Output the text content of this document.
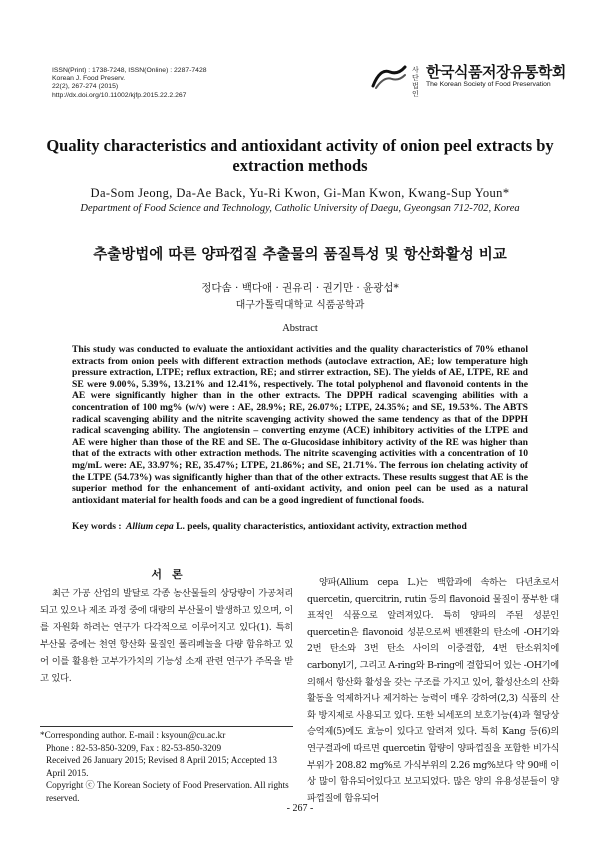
ISSN(Print) : 1738-7248, ISSN(Online) : 2287-7428
Korean J. Food Preserv.
22(2), 267-274 (2015)
http://dx.doi.org/10.11002/kjfp.2015.22.2.267
사단 법인
한국식품저장유통학회
The Korean Society of Food Preservation
Quality characteristics and antioxidant activity of onion peel extracts by extraction methods
Da-Som Jeong, Da-Ae Back, Yu-Ri Kwon, Gi-Man Kwon, Kwang-Sup Youn*
Department of Food Science and Technology, Catholic University of Daegu, Gyeongsan 712-702, Korea
추출방법에 따른 양파껍질 추출물의 품질특성 및 항산화활성 비교
정다솜 · 백다애 · 권유리 · 권기만 · 윤광섭*
대구가톨릭대학교 식품공학과
Abstract
This study was conducted to evaluate the antioxidant activities and the quality characteristics of 70% ethanol extracts from onion peels with different extraction methods (autoclave extraction, AE; low temperature high pressure extraction, LTPE; reflux extraction, RE; and stirrer extraction, SE). The yields of AE, LTPE, RE and SE were 9.00%, 5.39%, 13.21% and 12.41%, respectively. The total polyphenol and flavonoid contents in the AE were significantly higher than in the other extracts. The DPPH radical scavenging abilities with a concentration of 100 mg% (w/v) were : AE, 28.9%; RE, 26.07%; LTPE, 24.35%; and SE, 19.53%. The ABTS radical scavenging ability and the nitrite scavenging activity showed the same tendency as that of the DPPH radical scavenging ability. The angiotensin – converting enzyme (ACE) inhibitory activities of the LTPE and AE were higher than those of the RE and SE. The α-Glucosidase inhibitory activity of the RE was higher than that of the extracts with other extraction methods. The nitrite scavenging activities with a concentration of 10 mg/mL were: AE, 33.97%; RE, 35.47%; LTPE, 21.86%; and SE, 21.71%. The ferrous ion chelating activity of the LTPE (54.73%) was significantly higher than that of the other extracts. These results suggest that AE is the superior method for the enhancement of anti-oxidant activity, and onion peel can be used as a natural antioxidant material for health foods and can be a good ingredient of functional foods.
Key words : Allium cepa L. peels, quality characteristics, antioxidant activity, extraction method
서론

최근 가공 산업의 발달로 각종 농산물들의 상당량이 가공처리 되고 있으나 제조 과정 중에 대량의 부산물이 발생하고 있으며, 이를 자원화 하려는 연구가 다각적으로 이루어지고 있다(1). 특히 부산물 중에는 천연 항산화 물질인 폴리페놀을 다량 함유하고 있어 이를 활용한 고부가가치의 기능성 소재 관련 연구가 주목을 받고 있다.

*Corresponding author. E-mail : ksyoun@cu.ac.kr
Phone : 82-53-850-3209, Fax : 82-53-850-3209
Received 26 January 2015; Revised 8 April 2015; Accepted 13 April 2015.
Copyright ⓒ The Korean Society of Food Preservation. All rights reserved.

양파(Allium cepa L.)는 백합과에 속하는 다년초로서 quercetin, quercitrin, rutin 등의 flavonoid 물질이 풍부한 대표적인 식품으로 알려져있다. 특히 양파의 주된 성분인 quercetin은 flavonoid 성분으로써 벤젠환의 탄소에 -OH기와 2번 탄소와 3번 탄소 사이의 이중결합, 4번 탄소위치에 carbonyl기, 그리고 A-ring와 B-ring에 결합되어 있는 -OH기에 의해서 항산화 활성을 갖는 구조를 가지고 있어, 활성산소의 산화활동을 억제하거나 제거하는 능력이 매우 강하여(2,3) 식품의 산화 방지제로 사용되고 있다. 또한 뇌세포의 보호기능(4)과 혈당상승억제(5)에도 효능이 있다고 알려져 있다. 특히 Kang 등(6)의 연구결과에 따르면 quercetin 함량이 양파껍질을 포함한 비가식 부위가 208.82 mg%로 가식부위의 2.26 mg%보다 약 90배 이상 많이 함유되어있다고 보고되었다. 많은 양의 유용성분들이 양파껍질에 함유되어

- 267 -
